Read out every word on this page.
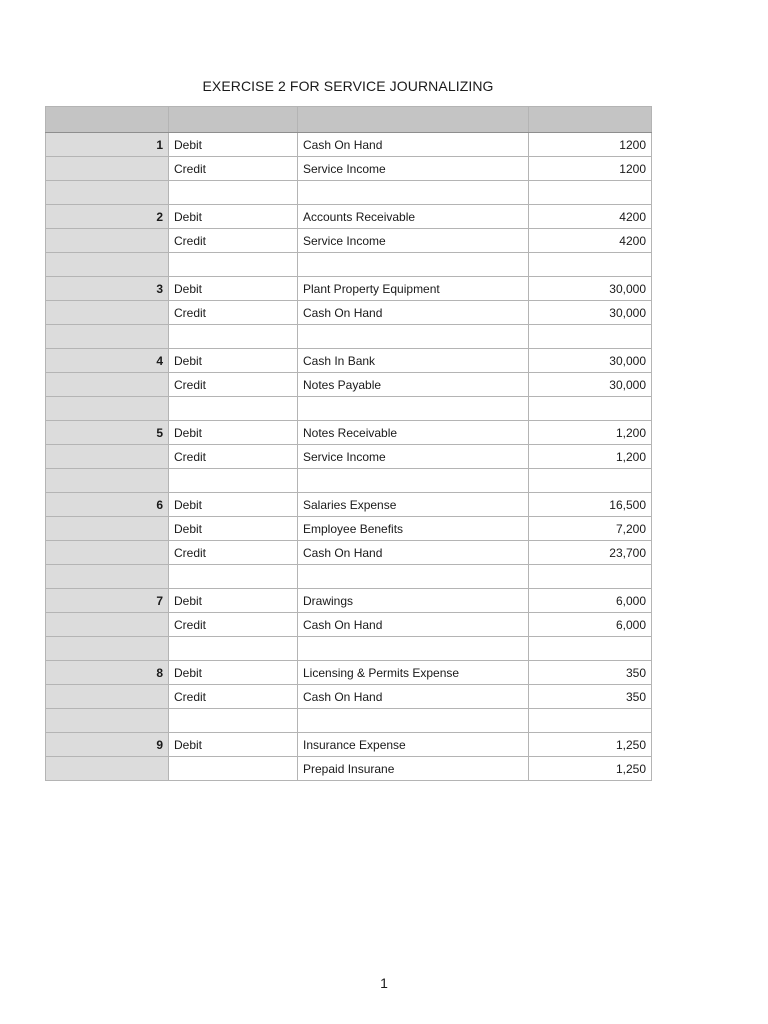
EXERCISE 2 FOR SERVICE JOURNALIZING

1	Debit	Cash On Hand	1200
	Credit	Service Income	1200

2	Debit	Accounts Receivable	4200
	Credit	Service Income	4200

3	Debit	Plant Property Equipment	30,000
	Credit	Cash On Hand	30,000

4	Debit	Cash In Bank	30,000
	Credit	Notes Payable	30,000

5	Debit	Notes Receivable	1,200
	Credit	Service Income	1,200

6	Debit	Salaries Expense	16,500
	Debit	Employee Benefits	7,200
	Credit	Cash On Hand	23,700

7	Debit	Drawings	6,000
	Credit	Cash On Hand	6,000

8	Debit	Licensing & Permits Expense	350
	Credit	Cash On Hand	350

9	Debit	Insurance Expense	1,250
		Prepaid Insurane	1,250
1
